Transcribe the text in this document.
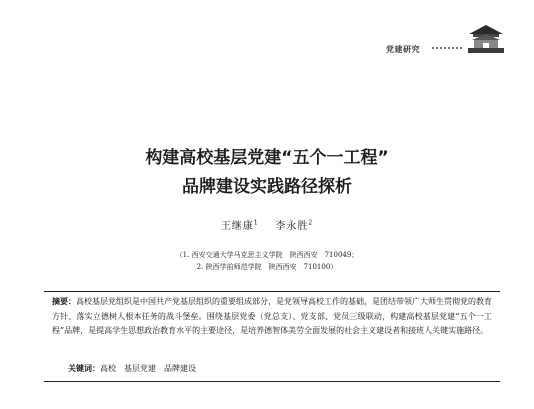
党建研究
构建高校基层党建“五个一工程”
品牌建设实践路径探析
王继康$^1$ 李永胜$^2$
（1. 西安交通大学马克思主义学院　陕西西安　710049；
2. 陕西学前师范学院　陕西西安　710100）
摘要：高校基层党组织是中国共产党基层组织的重要组成部分，是党领导高校工作的基础，是团结带领广大师生贯彻党的教育方针、落实立德树人根本任务的战斗堡垒。围绕基层党委（党总支）、党支部、党员三级联动，构建高校基层党建“五个一工程”品牌，是提高学生思想政治教育水平的主要途径，是培养德智体美劳全面发展的社会主义建设者和接班人关键实施路径。
关键词：高校　基层党建　品牌建设
